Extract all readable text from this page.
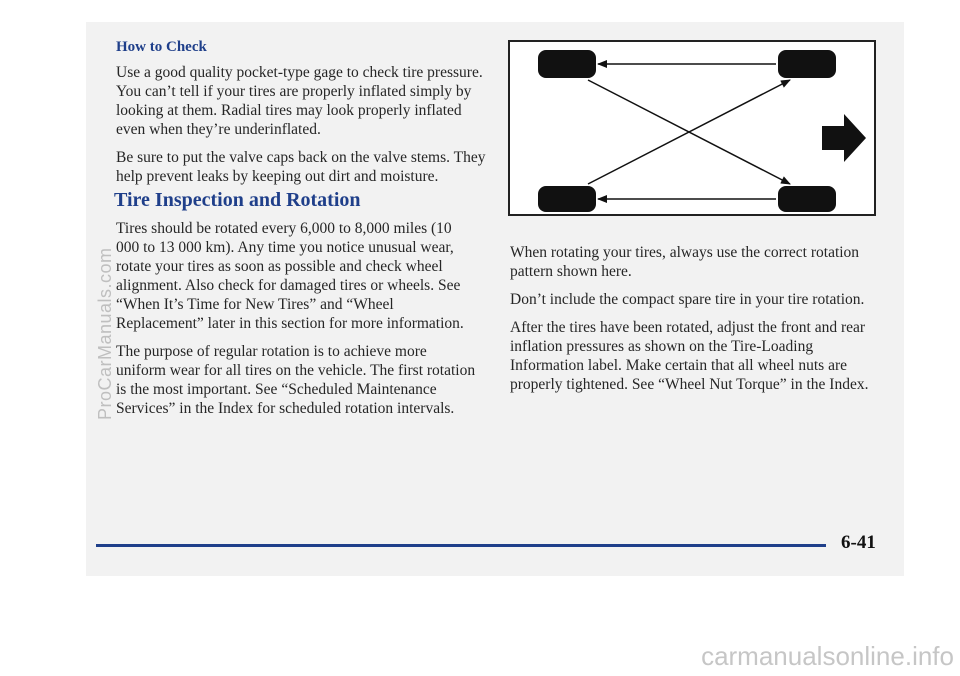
How to Check

Use a good quality pocket-type gage to check tire pressure. You can’t tell if your tires are properly inflated simply by looking at them. Radial tires may look properly inflated even when they’re underinflated.

Be sure to put the valve caps back on the valve stems. They help prevent leaks by keeping out dirt and moisture.

Tire Inspection and Rotation

Tires should be rotated every 6,000 to 8,000 miles (10 000 to 13 000 km). Any time you notice unusual wear, rotate your tires as soon as possible and check wheel alignment. Also check for damaged tires or wheels. See “When It’s Time for New Tires” and “Wheel Replacement” later in this section for more information.

The purpose of regular rotation is to achieve more uniform wear for all tires on the vehicle. The first rotation is the most important. See “Scheduled Maintenance Services” in the Index for scheduled rotation intervals.

When rotating your tires, always use the correct rotation pattern shown here.

Don’t include the compact spare tire in your tire rotation.

After the tires have been rotated, adjust the front and rear inflation pressures as shown on the Tire-Loading Information label. Make certain that all wheel nuts are properly tightened. See “Wheel Nut Torque” in the Index.

6-41
ProCarManuals.com
carmanualsonline.info
